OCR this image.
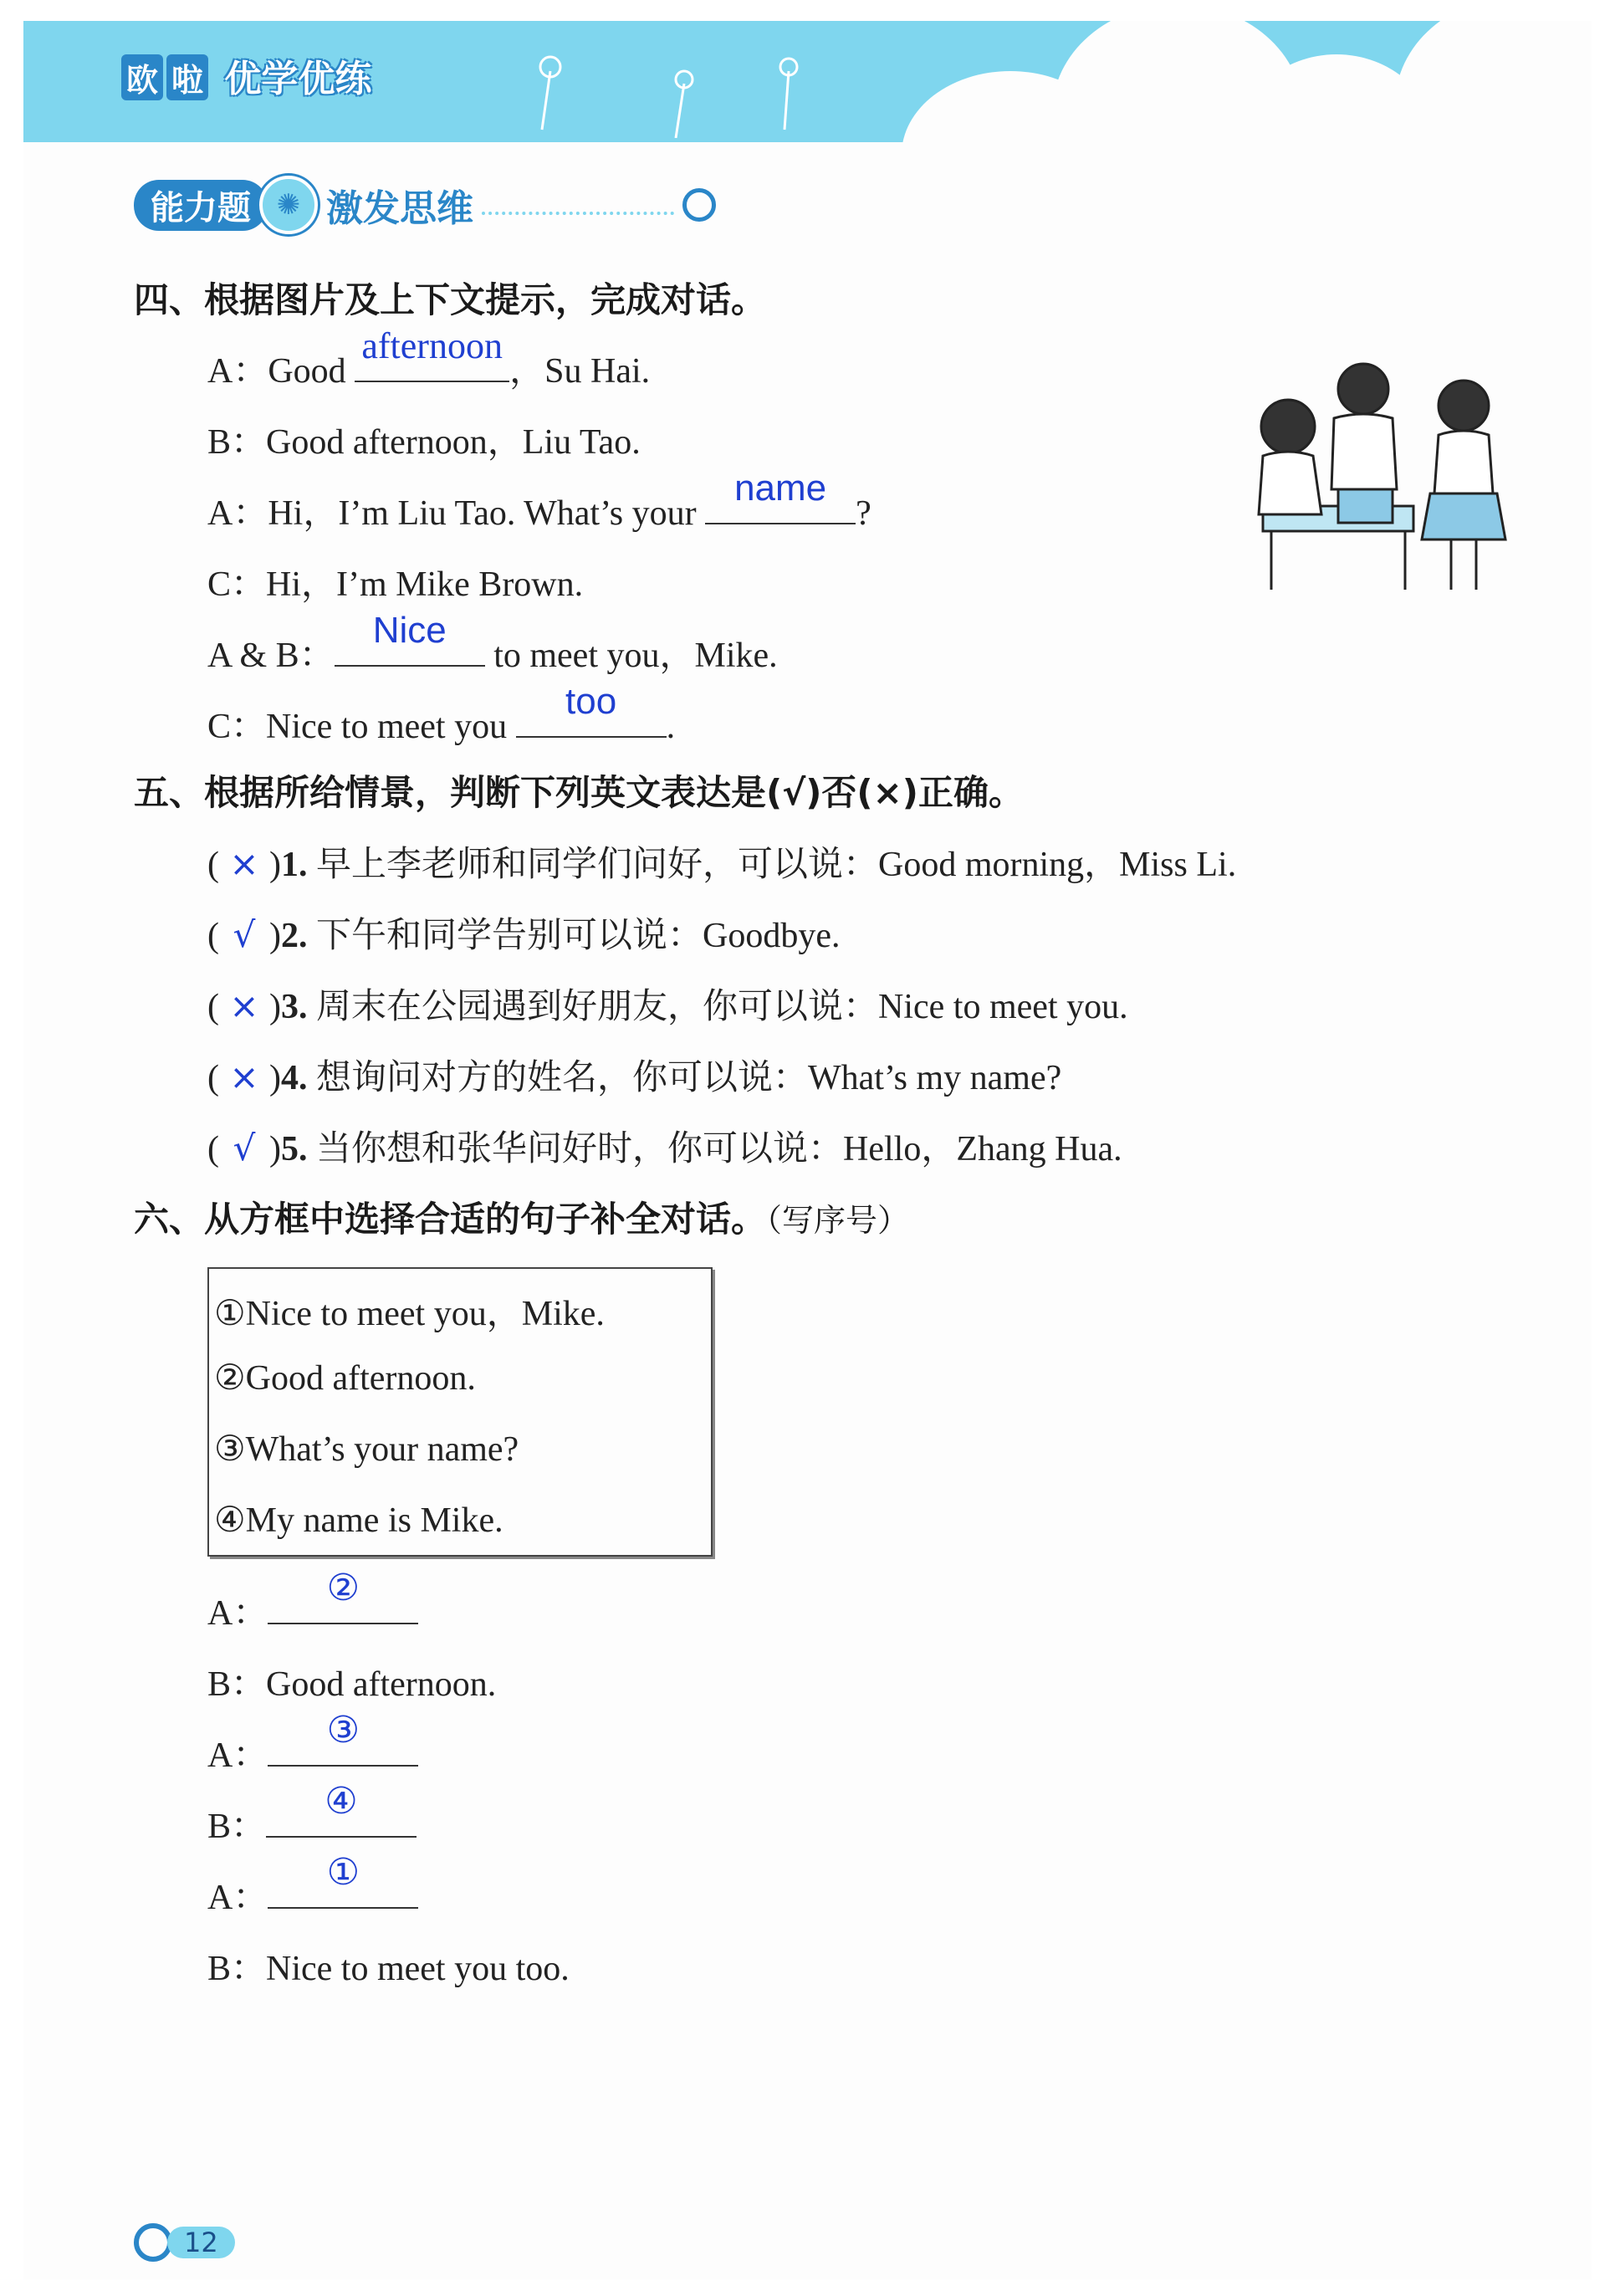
欧 啦 优学优练
能力题 ✺ 激发思维
四、根据图片及上下文提示，完成对话。
A：Good
afternoon
，Su Hai.
B：Good afternoon，Liu Tao.
A：Hi，I’m Liu Tao. What’s your
name
?
C：Hi，I’m Mike Brown.
A & B：
Nice
to meet you，Mike.
C：Nice to meet you
too
.
五、根据所给情景，判断下列英文表达是(√)否(×)正确。
( × )1. 早上李老师和同学们问好，可以说：Good morning，Miss Li.
( √ )2. 下午和同学告别可以说：Goodbye.
( × )3. 周末在公园遇到好朋友，你可以说：Nice to meet you.
( × )4. 想询问对方的姓名，你可以说：What’s my name?
( √ )5. 当你想和张华问好时，你可以说：Hello，Zhang Hua.
六、从方框中选择合适的句子补全对话。（写序号）
①Nice to meet you，Mike.
②Good afternoon.
③What’s your name?
④My name is Mike.
A：
②
B：Good afternoon.
A：
③
B：
④
A：
①
B：Nice to meet you too.
12
